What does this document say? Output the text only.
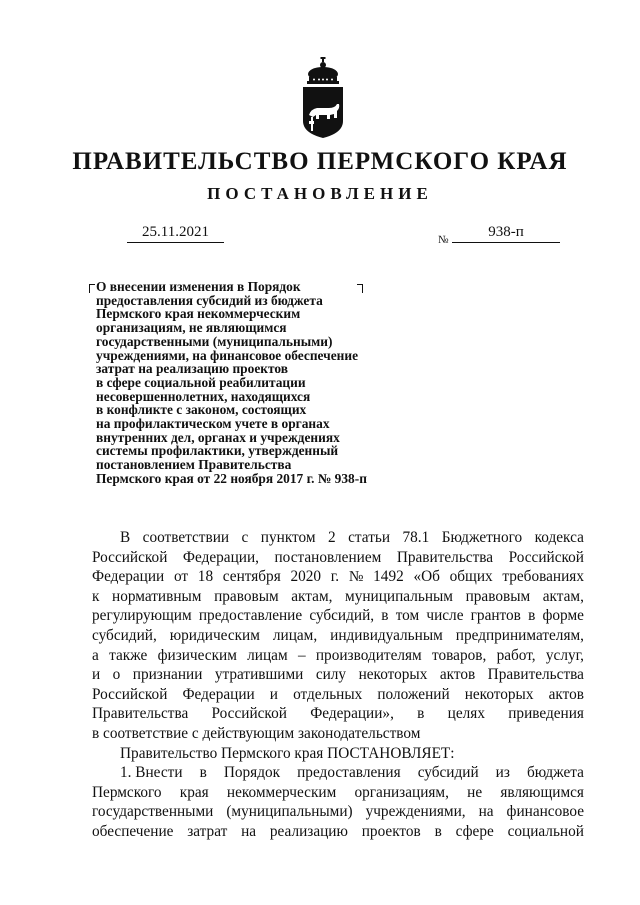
ПРАВИТЕЛЬСТВО ПЕРМСКОГО КРАЯ
ПОСТАНОВЛЕНИЕ
25.11.2021	№	938-п
О внесении изменения в Порядок
предоставления субсидий из бюджета
Пермского края некоммерческим
организациям, не являющимся
государственными (муниципальными)
учреждениями, на финансовое обеспечение
затрат на реализацию проектов
в сфере социальной реабилитации
несовершеннолетних, находящихся
в конфликте с законом, состоящих
на профилактическом учете в органах
внутренних дел, органах и учреждениях
системы профилактики, утвержденный
постановлением Правительства
Пермского края от 22 ноября 2017 г. № 938-п
В соответствии с пунктом 2 статьи 78.1 Бюджетного кодекса
Российской Федерации, постановлением Правительства Российской
Федерации от 18 сентября 2020 г. № 1492 «Об общих требованиях
к нормативным правовым актам, муниципальным правовым актам,
регулирующим предоставление субсидий, в том числе грантов в форме
субсидий, юридическим лицам, индивидуальным предпринимателям,
а также физическим лицам – производителям товаров, работ, услуг,
и о признании утратившими силу некоторых актов Правительства
Российской Федерации и отдельных положений некоторых актов
Правительства Российской Федерации», в целях приведения
в соответствие с действующим законодательством
Правительство Пермского края ПОСТАНОВЛЯЕТ:
1. Внести в Порядок предоставления субсидий из бюджета
Пермского края некоммерческим организациям, не являющимся
государственными (муниципальными) учреждениями, на финансовое
обеспечение затрат на реализацию проектов в сфере социальной
